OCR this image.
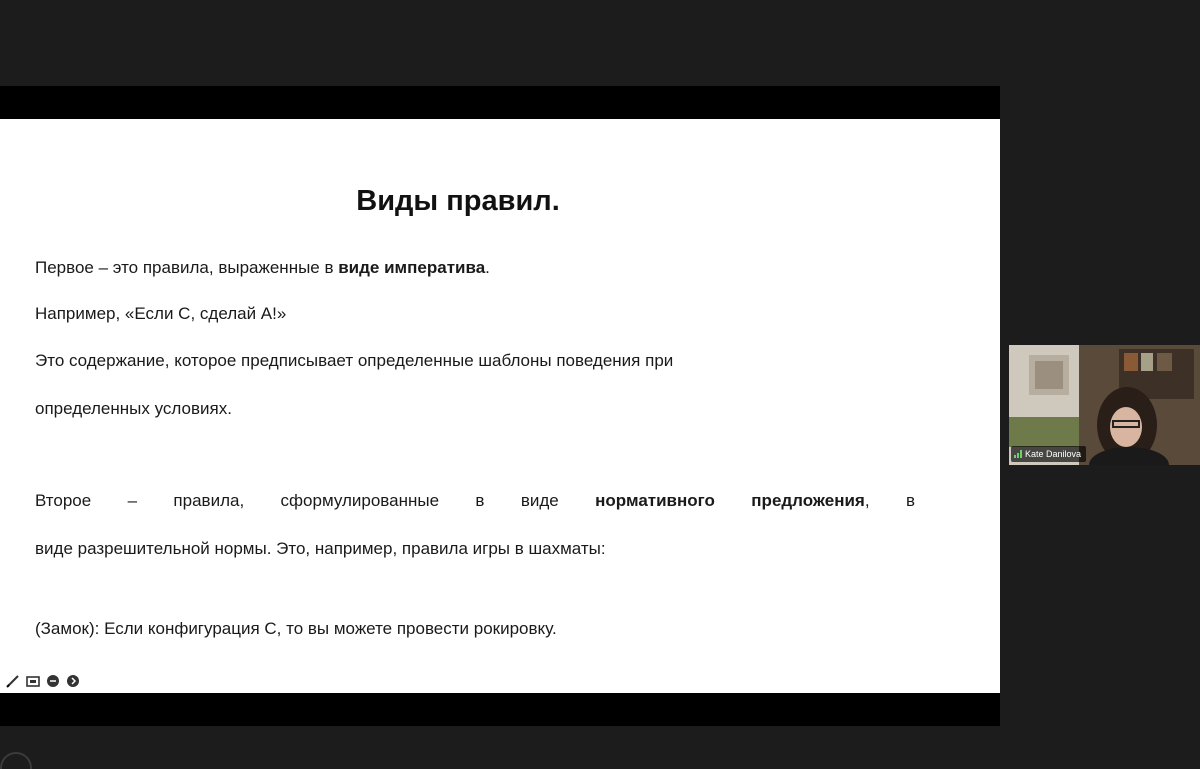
Виды правил.
Первое – это правила, выраженные в виде императива.
Например, «Если С, сделай А!»
Это содержание, которое предписывает определенные шаблоны поведения при
определенных условиях.
Второе – правила, сформулированные в виде нормативного предложения, в
виде разрешительной нормы. Это, например, правила игры в шахматы:
(Замок): Если конфигурация С, то вы можете провести рокировку.
Kate Danilova
